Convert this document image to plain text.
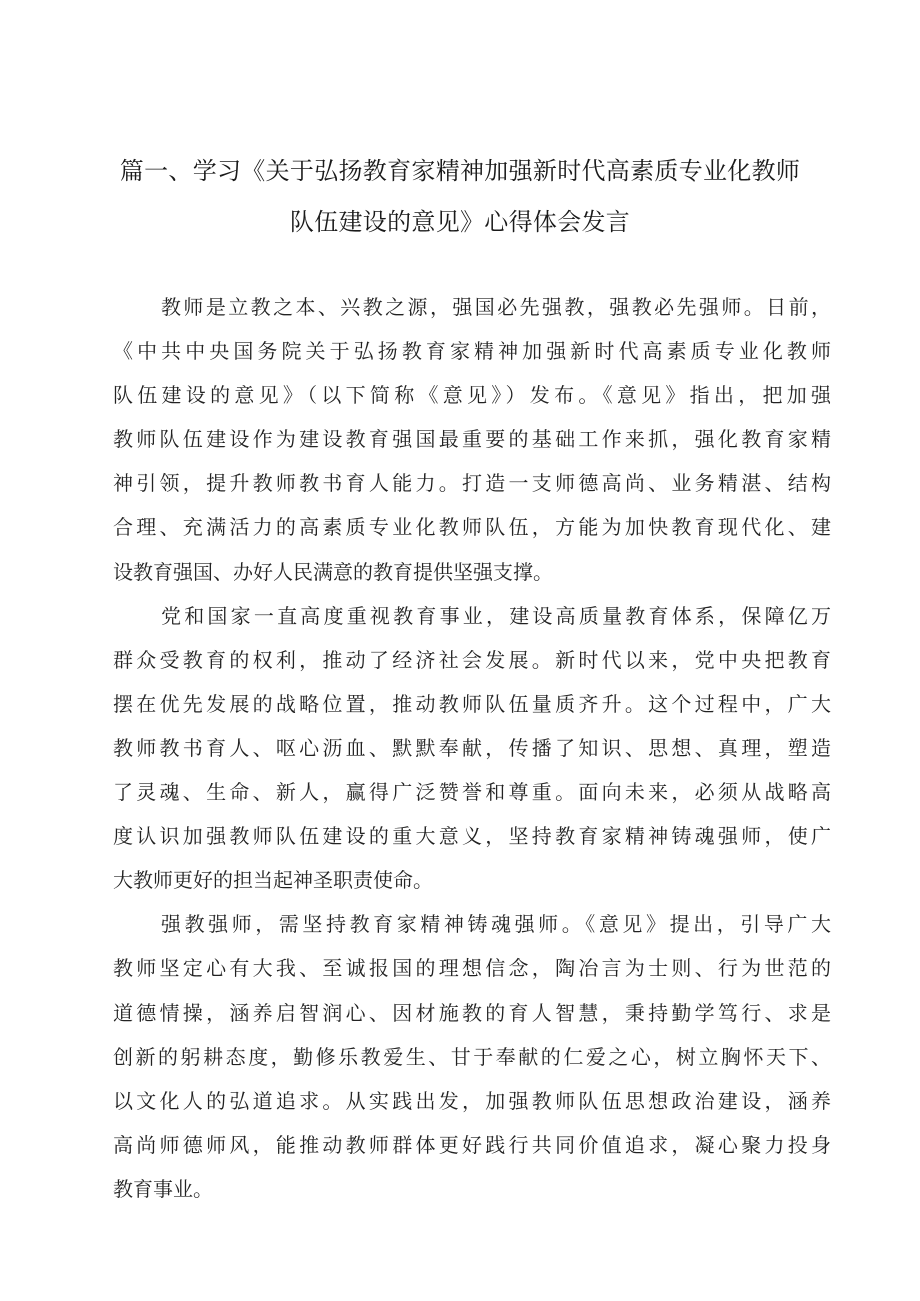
篇一、学习《关于弘扬教育家精神加强新时代高素质专业化教师
队伍建设的意见》心得体会发言
教师是立教之本、兴教之源，强国必先强教，强教必先强师。日前，
《中共中央国务院关于弘扬教育家精神加强新时代高素质专业化教师
队伍建设的意见》（以下简称《意见》）发布。《意见》指出，把加强
教师队伍建设作为建设教育强国最重要的基础工作来抓，强化教育家精
神引领，提升教师教书育人能力。打造一支师德高尚、业务精湛、结构
合理、充满活力的高素质专业化教师队伍，方能为加快教育现代化、建
设教育强国、办好人民满意的教育提供坚强支撑。
党和国家一直高度重视教育事业，建设高质量教育体系，保障亿万
群众受教育的权利，推动了经济社会发展。新时代以来，党中央把教育
摆在优先发展的战略位置，推动教师队伍量质齐升。这个过程中，广大
教师教书育人、呕心沥血、默默奉献，传播了知识、思想、真理，塑造
了灵魂、生命、新人，赢得广泛赞誉和尊重。面向未来，必须从战略高
度认识加强教师队伍建设的重大意义，坚持教育家精神铸魂强师，使广
大教师更好的担当起神圣职责使命。
强教强师，需坚持教育家精神铸魂强师。《意见》提出，引导广大
教师坚定心有大我、至诚报国的理想信念，陶冶言为士则、行为世范的
道德情操，涵养启智润心、因材施教的育人智慧，秉持勤学笃行、求是
创新的躬耕态度，勤修乐教爱生、甘于奉献的仁爱之心，树立胸怀天下、
以文化人的弘道追求。从实践出发，加强教师队伍思想政治建设，涵养
高尚师德师风，能推动教师群体更好践行共同价值追求，凝心聚力投身
教育事业。
